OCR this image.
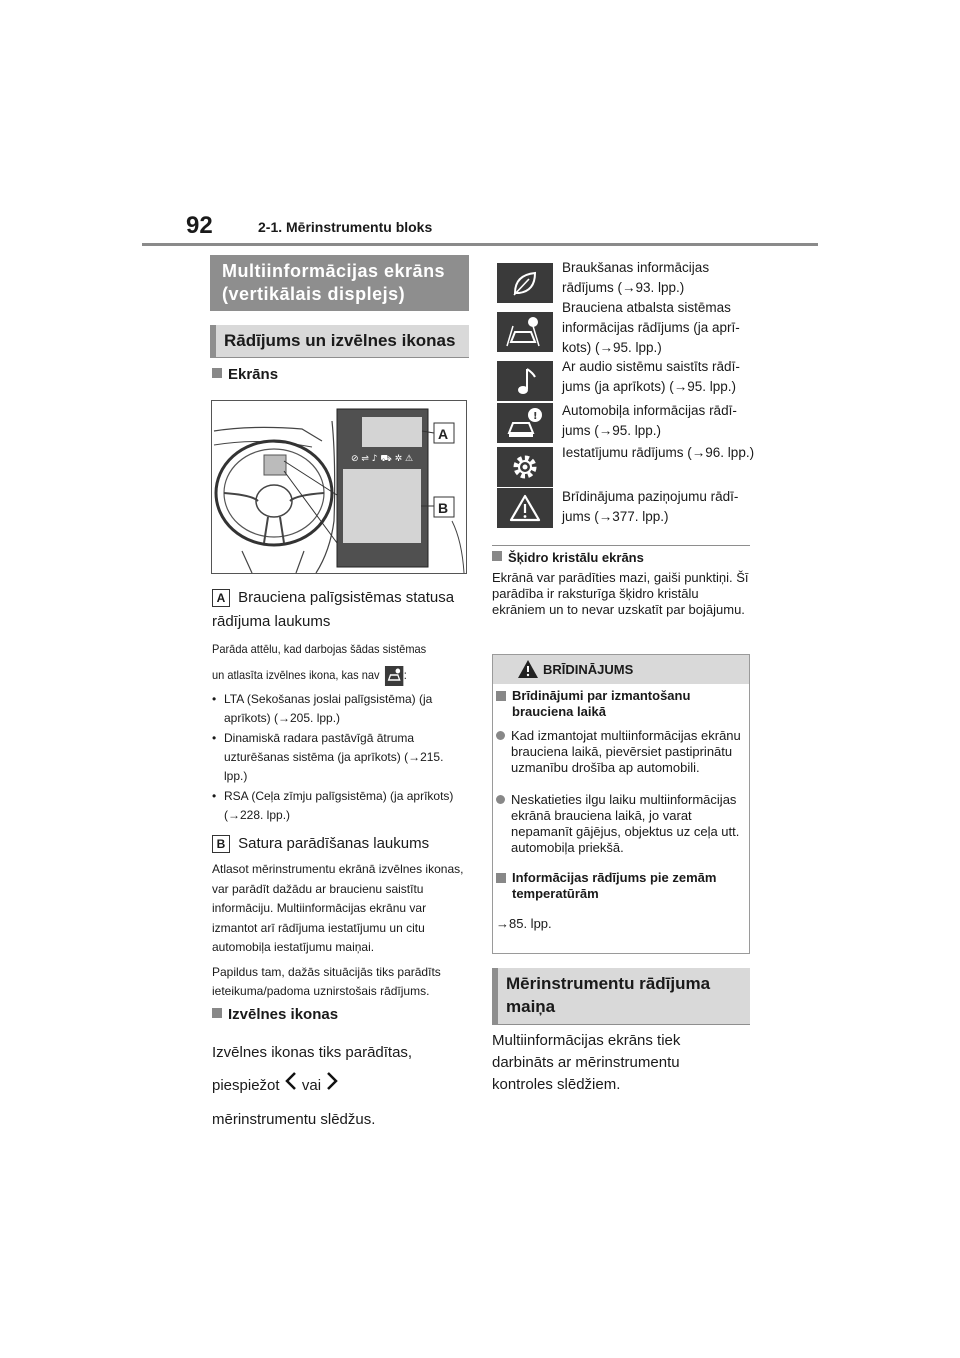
92	2-1. Mērinstrumentu bloks
Multiinformācijas ekrāns (vertikālais displejs)
Rādījums un izvēlnes ikonas
Ekrāns
⊘ ⇌ ♪ ⛟ ✲ ⚠
A
B
A Brauciena palīgsistēmas statusa rādījuma laukums
Parāda attēlu, kad darbojas šādas sistēmas
un atlasīta izvēlnes ikona, kas nav :
• LTA (Sekošanas joslai palīgsistēma) (ja aprīkots) (→205. lpp.)
• Dinamiskā radara pastāvīgā ātruma uzturēšanas sistēma (ja aprīkots) (→215. lpp.)
• RSA (Ceļa zīmju palīgsistēma) (ja aprīkots) (→228. lpp.)
B Satura parādīšanas laukums
Atlasot mērinstrumentu ekrānā izvēlnes ikonas, var parādīt dažādu ar braucienu saistītu informāciju. Multiinformācijas ekrānu var izmantot arī rādījuma iestatījumu un citu automobiļa iestatījumu maiņai.
Papildus tam, dažās situācijās tiks parādīts ieteikuma/padoma uznirstošais rādījums.
Izvēlnes ikonas
Izvēlnes ikonas tiks parādītas,
piespiežot vai
mērinstrumentu slēdžus.
Braukšanas informācijas rādījums (→93. lpp.)
Brauciena atbalsta sistēmas informācijas rādījums (ja aprī-kots) (→95. lpp.)
Ar audio sistēmu saistīts rādī-jums (ja aprīkots) (→95. lpp.)
! Automobiļa informācijas rādī-jums (→95. lpp.)
Iestatījumu rādījums (→96. lpp.)
Brīdinājuma paziņojumu rādī-jums (→377. lpp.)
Šķidro kristālu ekrāns
Ekrānā var parādīties mazi, gaiši punktiņi. Šī parādība ir raksturīga šķidro kristālu ekrāniem un to nevar uzskatīt par bojājumu.
BRĪDINĀJUMS
Brīdinājumi par izmantošanu brauciena laikā
Kad izmantojat multiinformācijas ekrānu brauciena laikā, pievērsiet pastiprinātu uzmanību drošība ap automobili.
Neskatieties ilgu laiku multiinformācijas ekrānā brauciena laikā, jo varat nepamanīt gājējus, objektus uz ceļa utt. automobiļa priekšā.
Informācijas rādījums pie zemām temperatūrām
→85. lpp.
Mērinstrumentu rādījuma maiņa
Multiinformācijas ekrāns tiek darbināts ar mērinstrumentu kontroles slēdžiem.
